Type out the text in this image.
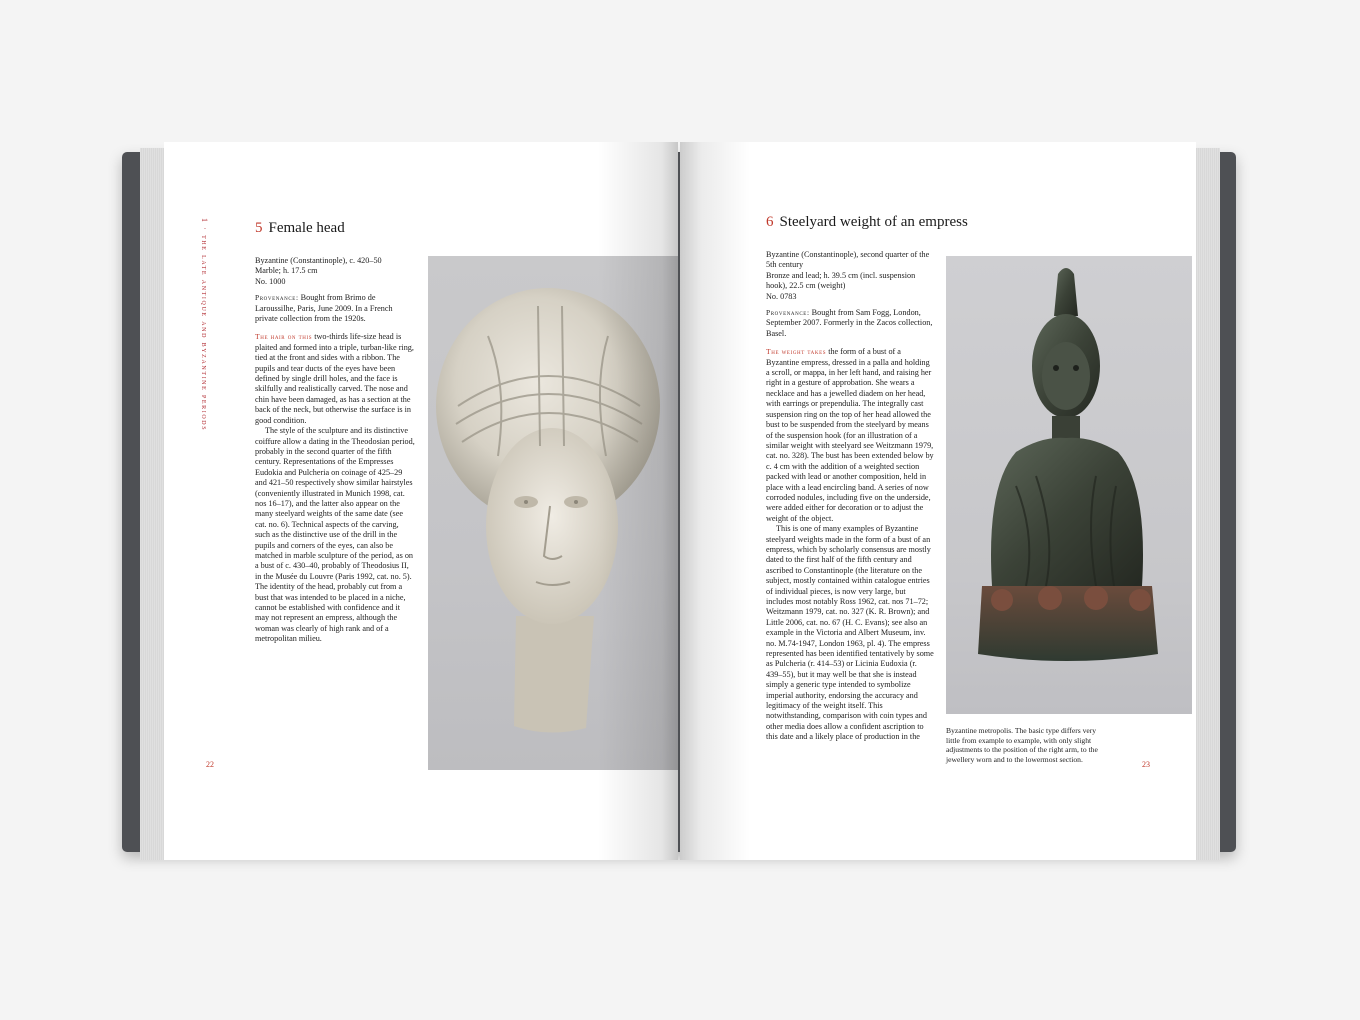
1 · the late antique and byzantine periods	5 Female head

Byzantine (Constantinople), c. 420–50

Marble; h. 17.5 cm

No. 1000

Provenance: Bought from Brimo de Laroussilhe, Paris, June 2009. In a French private collection from the 1920s.

The hair on this two-thirds life-size head is plaited and formed into a triple, turban-like ring, tied at the front and sides with a ribbon. The pupils and tear ducts of the eyes have been defined by single drill holes, and the face is skilfully and realistically carved. The nose and chin have been damaged, as has a section at the back of the neck, but otherwise the surface is in good condition.

The style of the sculpture and its distinctive coiffure allow a dating in the Theodosian period, probably in the second quarter of the fifth century. Representations of the Empresses Eudokia and Pulcheria on coinage of 425–29 and 421–50 respectively show similar hairstyles (conveniently illustrated in Munich 1998, cat. nos 16–17), and the latter also appear on the many steelyard weights of the same date (see cat. no. 6). Technical aspects of the carving, such as the distinctive use of the drill in the pupils and corners of the eyes, can also be matched in marble sculpture of the period, as on a bust of c. 430–40, probably of Theodosius II, in the Musée du Louvre (Paris 1992, cat. no. 5). The identity of the head, probably cut from a bust that was intended to be placed in a niche, cannot be established with confidence and it may not represent an empress, although the woman was clearly of high rank and of a metropolitan milieu.

22
6 Steelyard weight of an empress

Byzantine (Constantinople), second quarter of the 5th century

Bronze and lead; h. 39.5 cm (incl. suspension hook), 22.5 cm (weight)

No. 0783

Provenance: Bought from Sam Fogg, London, September 2007. Formerly in the Zacos collection, Basel.

The weight takes the form of a bust of a Byzantine empress, dressed in a palla and holding a scroll, or mappa, in her left hand, and raising her right in a gesture of approbation. She wears a necklace and has a jewelled diadem on her head, with earrings or prependulia. The integrally cast suspension ring on the top of her head allowed the bust to be suspended from the steelyard by means of the suspension hook (for an illustration of a similar weight with steelyard see Weitzmann 1979, cat. no. 328). The bust has been extended below by c. 4 cm with the addition of a weighted section packed with lead or another composition, held in place with a lead encircling band. A series of now corroded nodules, including five on the underside, were added either for decoration or to adjust the weight of the object.

This is one of many examples of Byzantine steelyard weights made in the form of a bust of an empress, which by scholarly consensus are mostly dated to the first half of the fifth century and ascribed to Constantinople (the literature on the subject, mostly contained within catalogue entries of individual pieces, is now very large, but includes most notably Ross 1962, cat. nos 71–72; Weitzmann 1979, cat. no. 327 (K. R. Brown); and Little 2006, cat. no. 67 (H. C. Evans); see also an example in the Victoria and Albert Museum, inv. no. M.74-1947, London 1963, pl. 4). The empress represented has been identified tentatively by some as Pulcheria (r. 414–53) or Licinia Eudoxia (r. 439–55), but it may well be that she is instead simply a generic type intended to symbolize imperial authority, endorsing the accuracy and legitimacy of the weight itself. This notwithstanding, comparison with coin types and other media does allow a confident ascription to this date and a likely place of production in the

Byzantine metropolis. The basic type differs very little from example to example, with only slight adjustments to the position of the right arm, to the jewellery worn and to the lowermost section.
23
